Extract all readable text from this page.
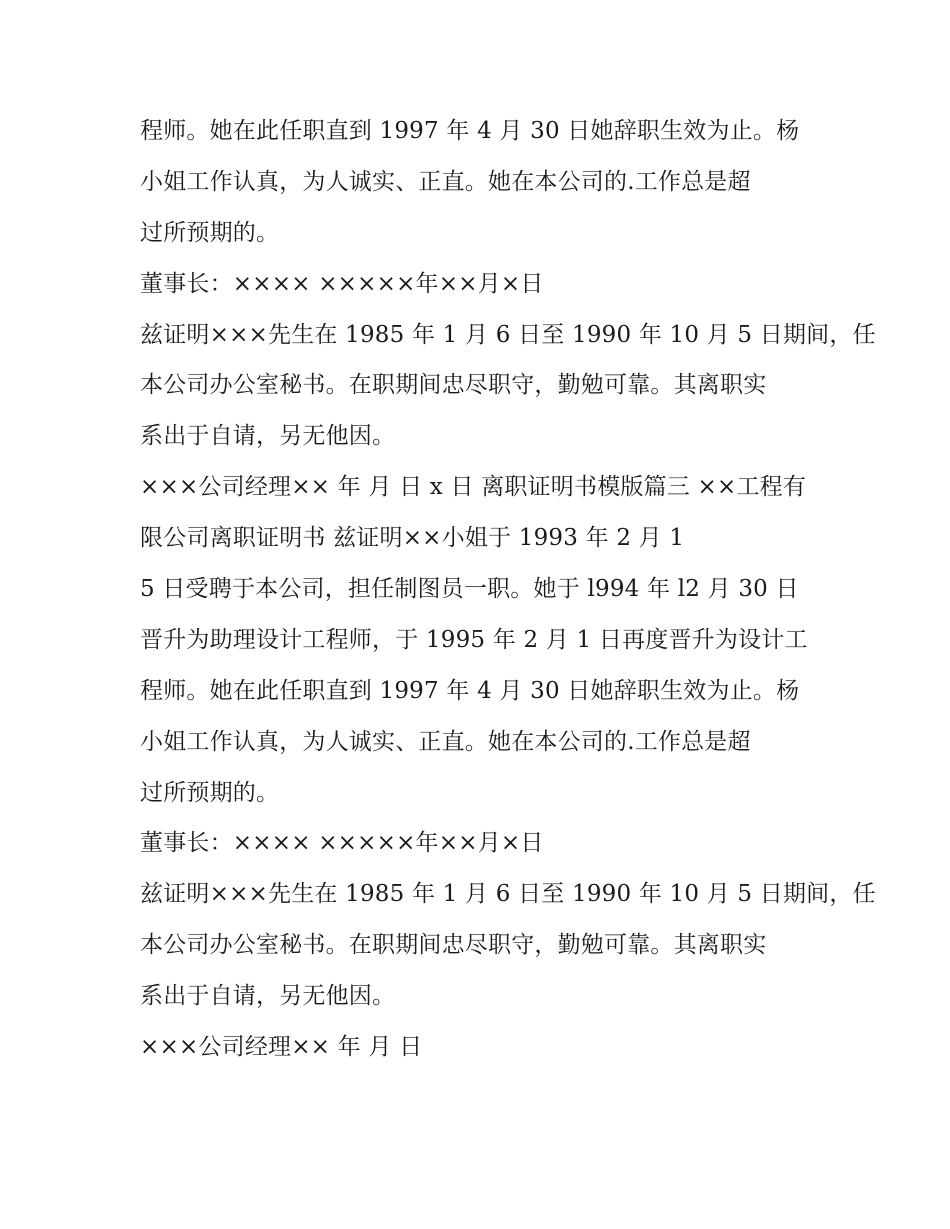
程师。她在此任职直到 1997 年 4 月 30 日她辞职生效为止。杨
小姐工作认真，为人诚实、正直。她在本公司的.工作总是超
过所预期的。
董事长：×××× ×××××年××月×日
兹证明×××先生在 1985 年 1 月 6 日至 1990 年 10 月 5 日期间，任
本公司办公室秘书。在职期间忠尽职守，勤勉可靠。其离职实
系出于自请，另无他因。
×××公司经理×× 年 月 日 x 日 离职证明书模版篇三 ××工程有
限公司离职证明书 兹证明××小姐于 1993 年 2 月 1
5 日受聘于本公司，担任制图员一职。她于 l994 年 l2 月 30 日
晋升为助理设计工程师，于 1995 年 2 月 1 日再度晋升为设计工
程师。她在此任职直到 1997 年 4 月 30 日她辞职生效为止。杨
小姐工作认真，为人诚实、正直。她在本公司的.工作总是超
过所预期的。
董事长：×××× ×××××年××月×日
兹证明×××先生在 1985 年 1 月 6 日至 1990 年 10 月 5 日期间，任
本公司办公室秘书。在职期间忠尽职守，勤勉可靠。其离职实
系出于自请，另无他因。
×××公司经理×× 年 月 日
